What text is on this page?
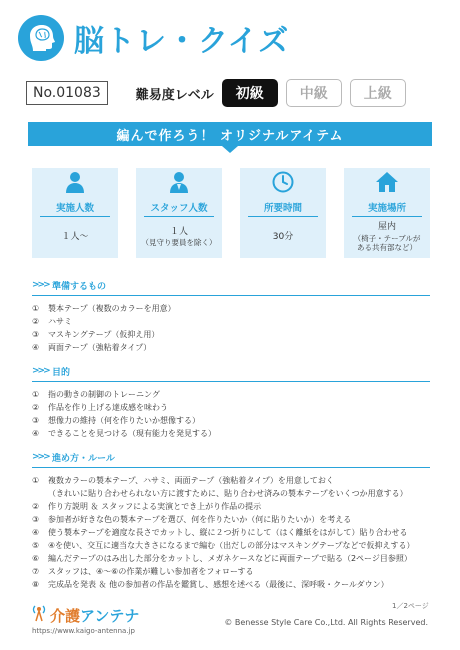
脳トレ・クイズ
No.01083	難易度レベル	初級	中級	上級
編んで作ろう！ オリジナルアイテム
実施人数
１人～
スタッフ人数
１人
（見守り要員を除く）
所要時間
30分
実施場所
屋内
（椅子・テーブルが
ある共有部など）
>>> 準備するもの
①	製本テープ（複数のカラーを用意）
②	ハサミ
③	マスキングテープ（仮抑え用）
④	両面テープ（強粘着タイプ）
>>> 目的
①	指の動きの制御のトレーニング
②	作品を作り上げる達成感を味わう
③	想像力の維持（何を作りたいか想像する）
④	できることを見つける（現有能力を発見する）
>>> 進め方・ルール
①	複数カラーの製本テープ、ハサミ、両面テープ（強粘着タイプ）を用意しておく
（きれいに貼り合わせられない方に渡すために、貼り合わせ済みの製本テープをいくつか用意する）
②	作り方説明 ＆ スタッフによる実演とでき上がり作品の提示
③	参加者が好きな色の製本テープを選び、何を作りたいか（何に貼りたいか）を考える
④	使う製本テープを適度な長さでカットし、縦に２つ折りにして（はく離紙をはがして）貼り合わせる
⑤	④を使い、交互に適当な大きさになるまで編む（出だしの部分はマスキングテープなどで仮抑えする）
⑥	編んだテープのはみ出した部分をカットし、メガネケースなどに両面テープで貼る（2ページ目参照）
⑦	スタッフは、④～⑥の作業が難しい参加者をフォローする
⑧	完成品を発表 ＆ 他の参加者の作品を鑑賞し、感想を述べる（最後に、深呼吸・クールダウン）
1／2ページ
介護アンテナ
https://www.kaigo-antenna.jp
© Benesse Style Care Co.,Ltd. All Rights Reserved.
